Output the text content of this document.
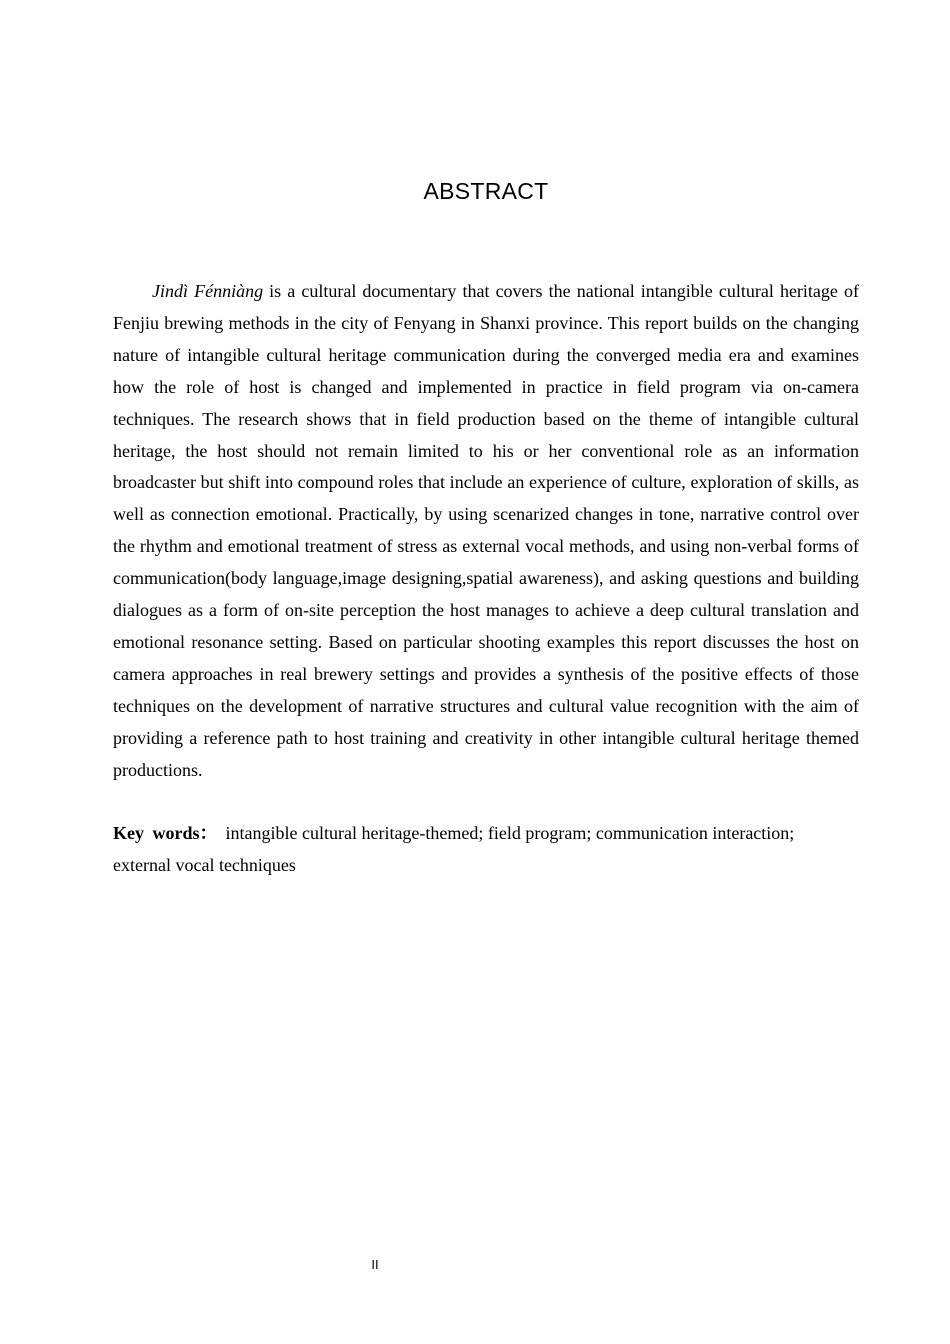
ABSTRACT

Jindì Fénniàng is a cultural documentary that covers the national intangible cultural heritage of Fenjiu brewing methods in the city of Fenyang in Shanxi province. This report builds on the changing nature of intangible cultural heritage communication during the converged media era and examines how the role of host is changed and implemented in practice in field program via on-camera techniques. The research shows that in field production based on the theme of intangible cultural heritage, the host should not remain limited to his or her conventional role as an information broadcaster but shift into compound roles that include an experience of culture, exploration of skills, as well as connection emotional. Practically, by using scenarized changes in tone, narrative control over the rhythm and emotional treatment of stress as external vocal methods, and using non-verbal forms of communication(body language,image designing,spatial awareness), and asking questions and building dialogues as a form of on-site perception the host manages to achieve a deep cultural translation and emotional resonance setting. Based on particular shooting examples this report discusses the host on camera approaches in real brewery settings and provides a synthesis of the positive effects of those techniques on the development of narrative structures and cultural value recognition with the aim of providing a reference path to host training and creativity in other intangible cultural heritage themed productions.

Key words： intangible cultural heritage-themed; field program; communication interaction;
external vocal techniques

II
